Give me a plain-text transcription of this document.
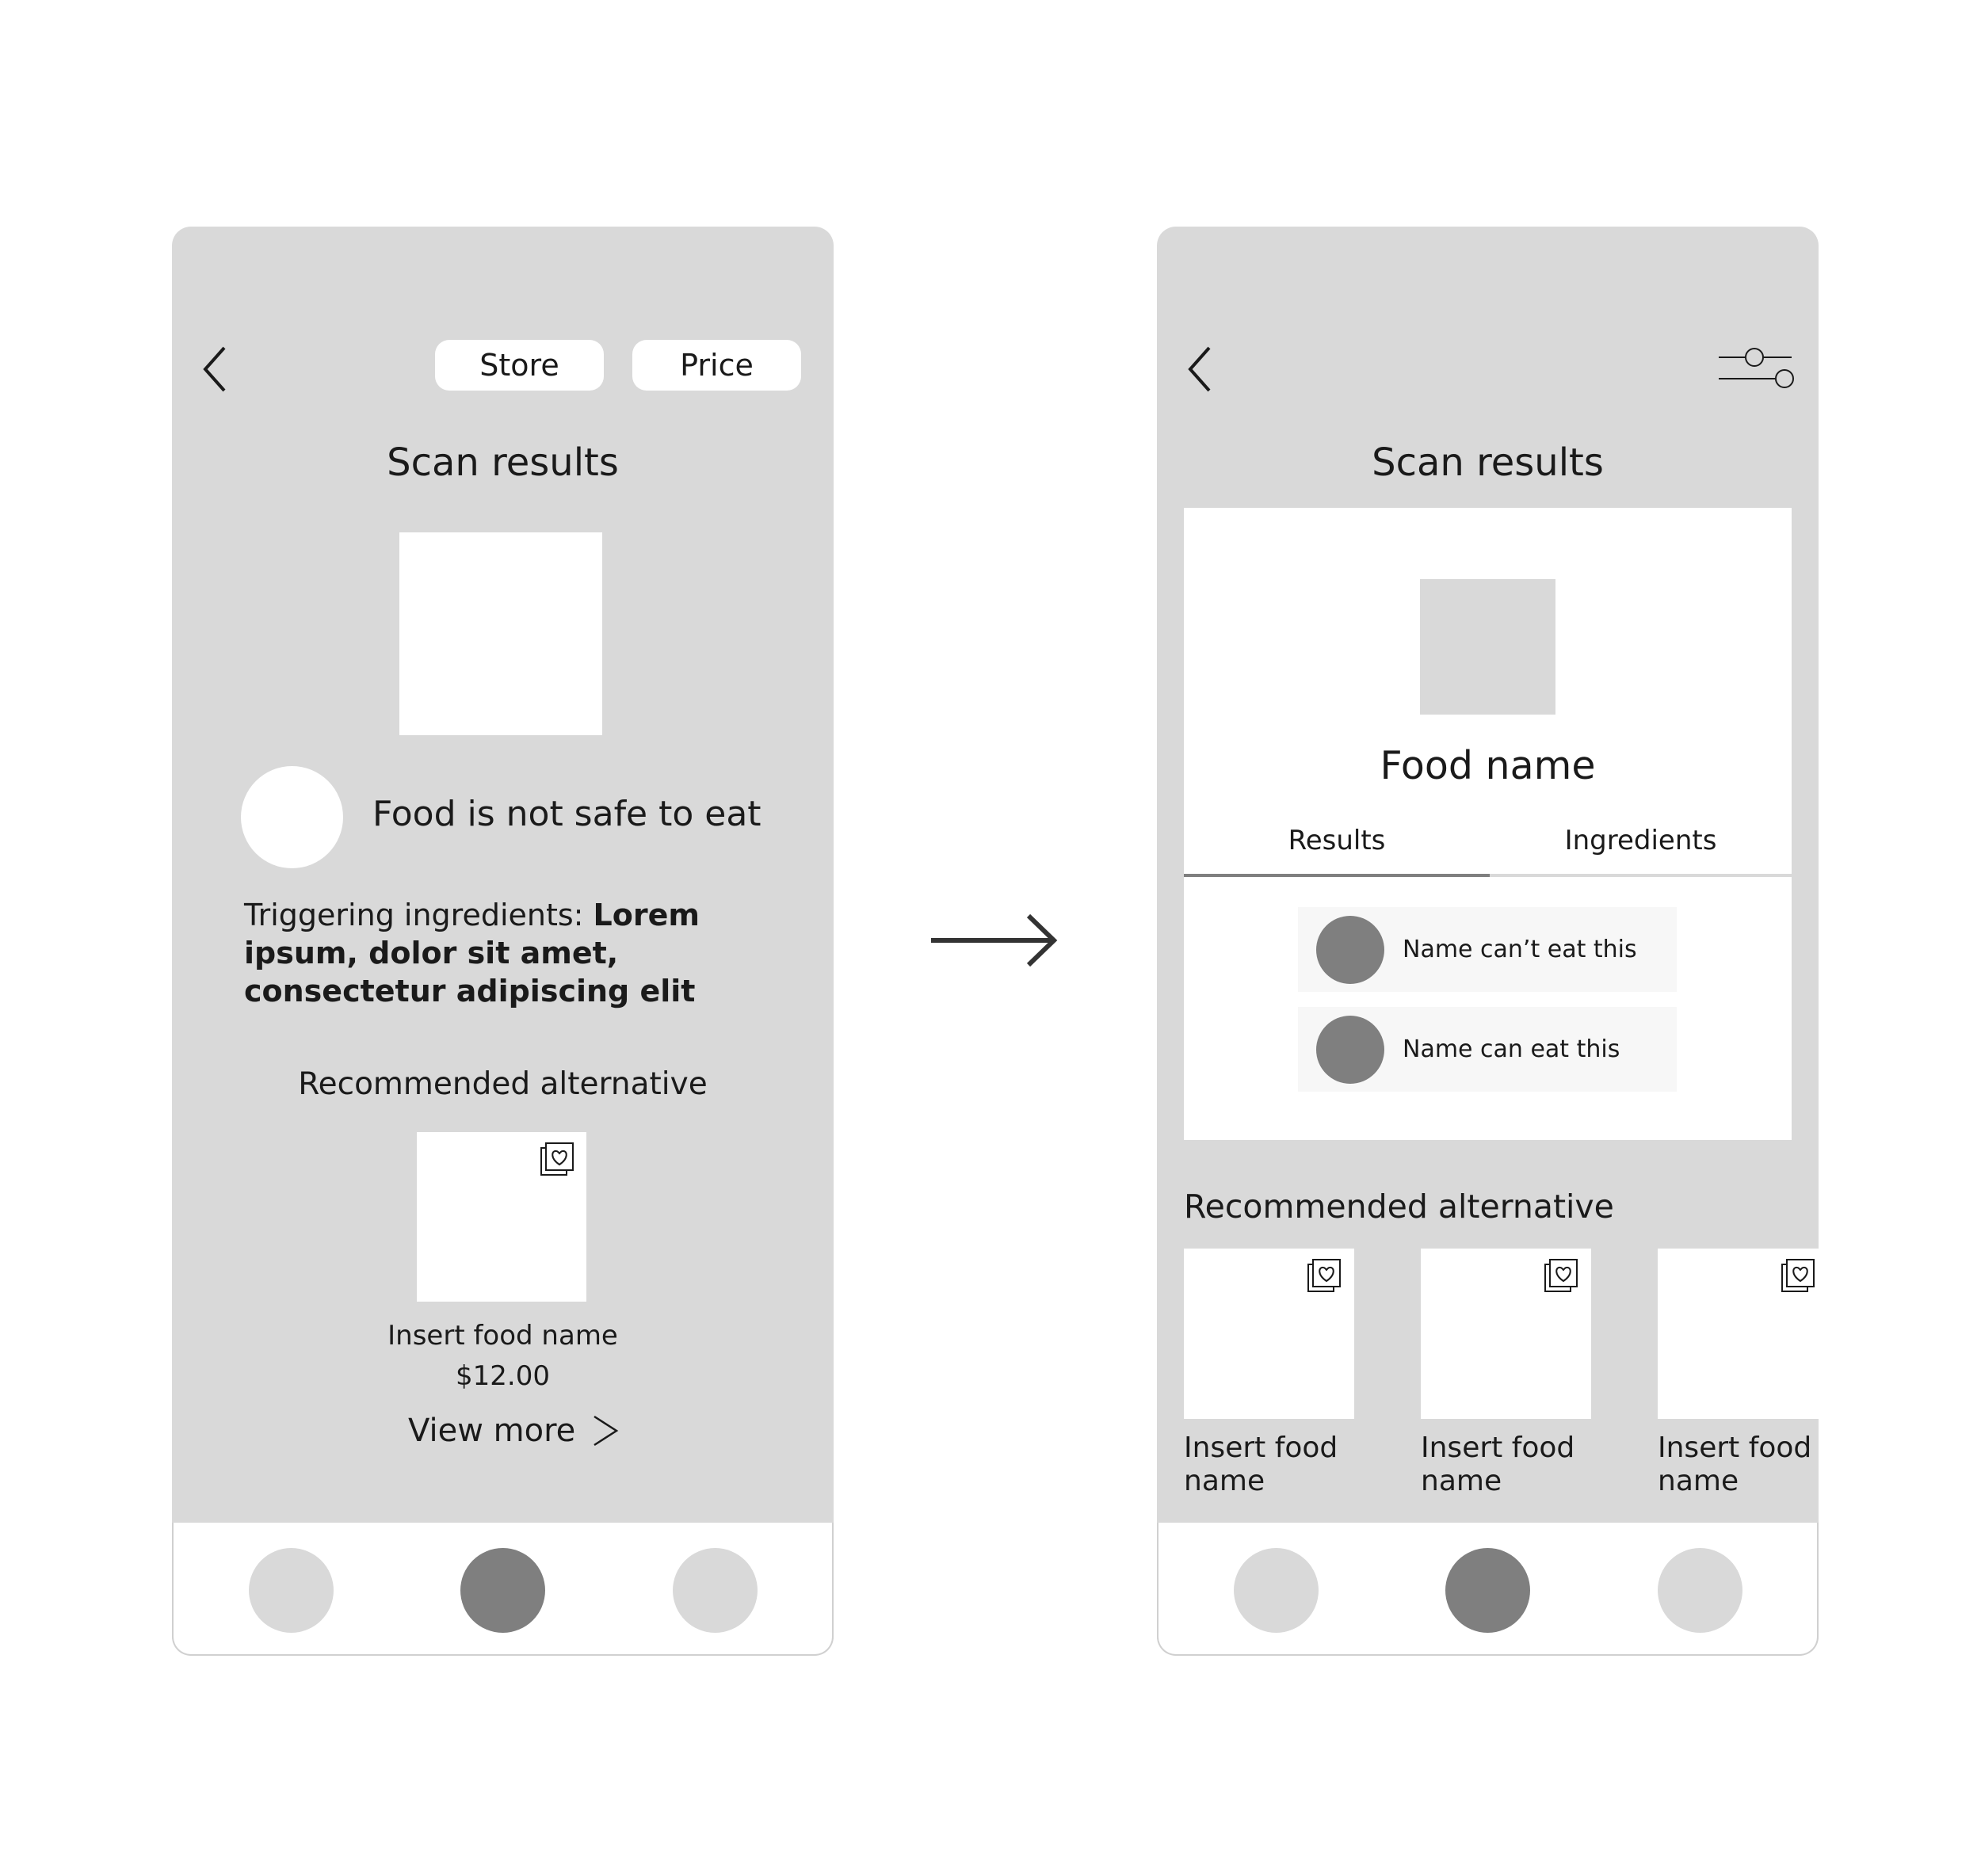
Store	Price
Scan results
Food is not safe to eat
Triggering ingredients: Lorem ipsum, dolor sit amet, consectetur adipiscing elit
Recommended alternative
Insert food name
$12.00
View more
Scan results
Food name
Results	Ingredients
Name can’t eat this
Name can eat this
Recommended alternative
Insert food name
Insert food name
Insert food name
